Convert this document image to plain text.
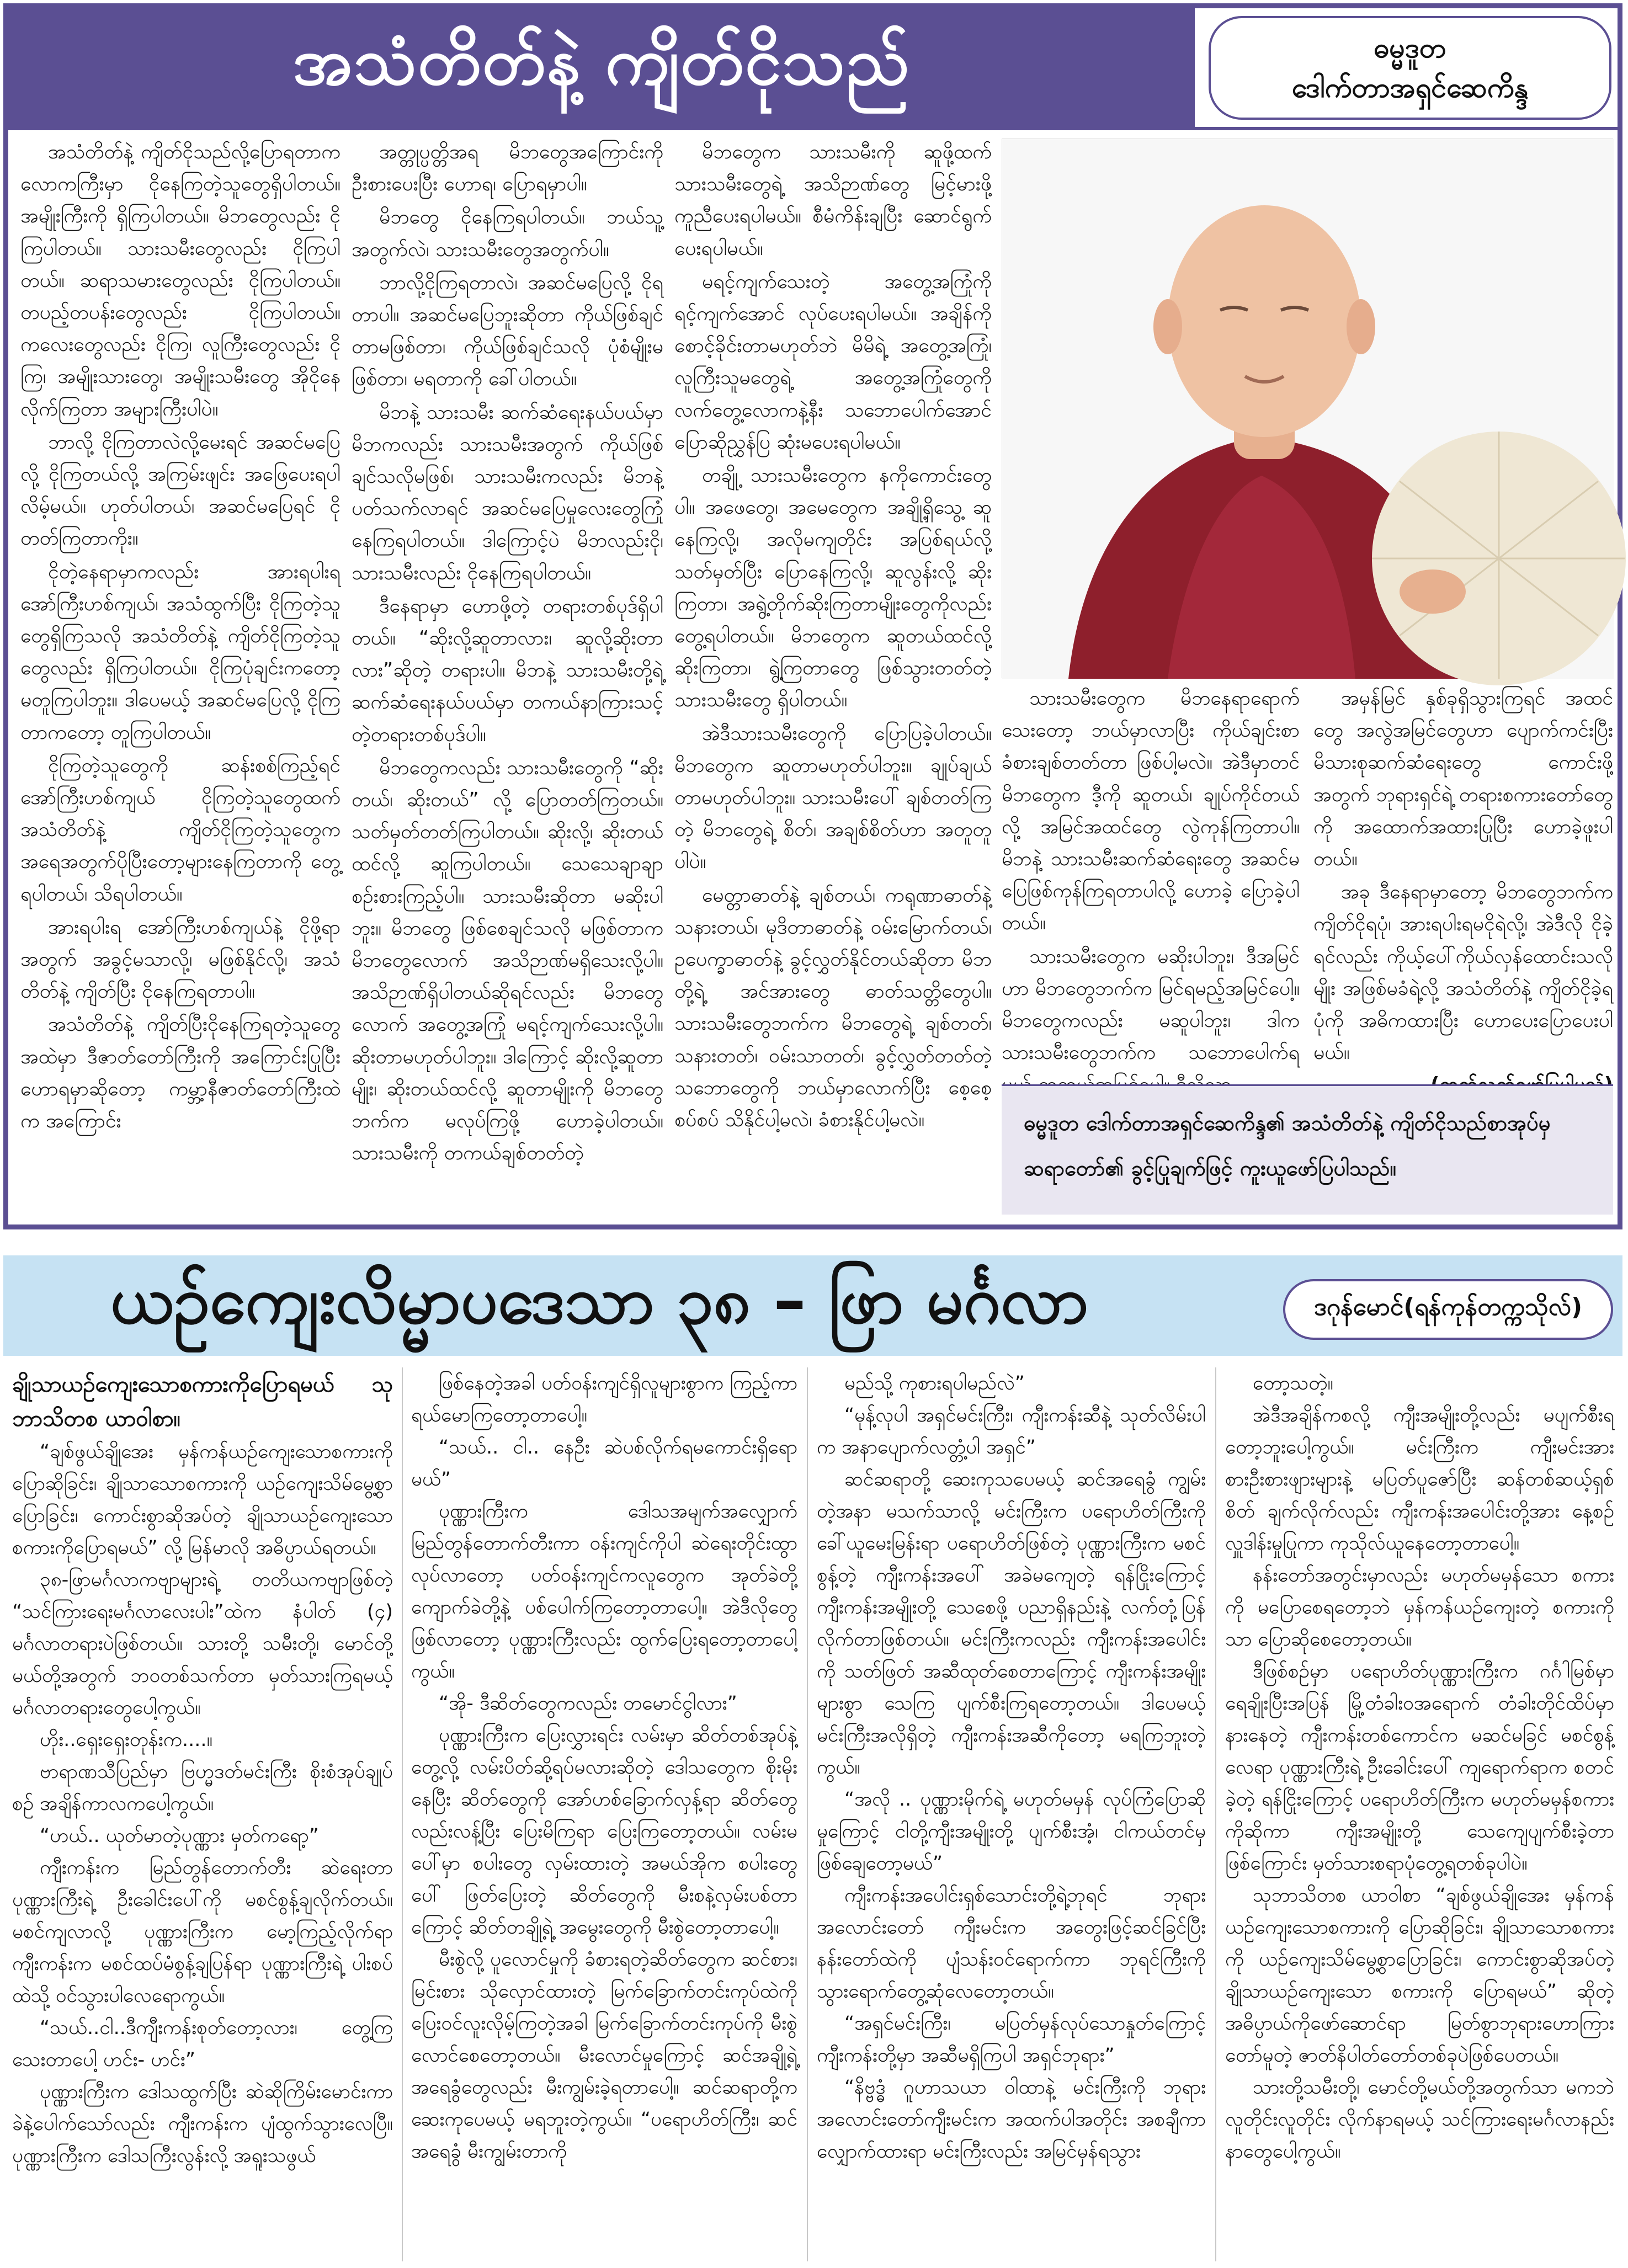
အသံတိတ်နဲ့ ကျိတ်ငိုသည်	ဓမ္မဒူတ
ဒေါက်တာအရှင်ဆေကိန္ဒ

အသံတိတ်နဲ့ ကျိတ်ငိုသည်လို့ပြောရတာက လောကကြီးမှာ ငိုနေကြတဲ့သူတွေရှိပါတယ်။ အမျိုးကြီးကို ရှိကြပါတယ်။ မိဘတွေလည်း ငိုကြပါတယ်။ သားသမီးတွေလည်း ငိုကြပါတယ်။ ဆရာသမားတွေလည်း ငိုကြပါတယ်။ တပည့်တပန်းတွေလည်း ငိုကြပါတယ်။ ကလေးတွေလည်း ငိုကြ၊ လူကြီးတွေလည်း ငိုကြ၊ အမျိုးသားတွေ၊ အမျိုးသမီးတွေ အိုငိုနေလိုက်ကြတာ အများကြီးပါပဲ။

ဘာလို့ ငိုကြတာလဲလို့မေးရင် အဆင်မပြေလို့ ငိုကြတယ်လို့ အကြမ်းဖျင်း အဖြေပေးရပါလိမ့်မယ်။ ဟုတ်ပါတယ်၊ အဆင်မပြေရင် ငိုတတ်ကြတာကိုး။

ငိုတဲ့နေရာမှာကလည်း အားရပါးရ အော်ကြီးဟစ်ကျယ်၊ အသံထွက်ပြီး ငိုကြတဲ့သူတွေရှိကြသလို အသံတိတ်နဲ့ ကျိတ်ငိုကြတဲ့သူတွေလည်း ရှိကြပါတယ်။ ငိုကြပုံချင်းကတော့ မတူကြပါဘူး။ ဒါပေမယ့် အဆင်မပြေလို့ ငိုကြတာကတော့ တူကြပါတယ်။

ငိုကြတဲ့သူတွေကို ဆန်းစစ်ကြည့်ရင် အော်ကြီးဟစ်ကျယ် ငိုကြတဲ့သူတွေထက် အသံတိတ်နဲ့ ကျိတ်ငိုကြတဲ့သူတွေက အရေအတွက်ပိုပြီးတော့များနေကြတာကို တွေ့ရပါတယ်၊ သိရပါတယ်။

အားရပါးရ အော်ကြီးဟစ်ကျယ်နဲ့ ငိုဖို့ရာအတွက် အခွင့်မသာလို့၊ မဖြစ်နိုင်လို့၊ အသံတိတ်နဲ့ ကျိတ်ပြီး ငိုနေကြရတာပါ။

အသံတိတ်နဲ့ ကျိတ်ပြီးငိုနေကြရတဲ့သူတွေအထဲမှာ ဒီဇာတ်တော်ကြီးကို အကြောင်းပြုပြီး ဟောရမှာဆိုတော့ ကမ္ဘာ့နီဇာတ်တော်ကြီးထဲက အကြောင်း

အတ္တုပ္ပတ္တိအရ မိဘတွေအကြောင်းကို ဦးစားပေးပြီး ဟောရ၊ ပြောရမှာပါ။

မိဘတွေ ငိုနေကြရပါတယ်။ ဘယ်သူ့အတွက်လဲ၊ သားသမီးတွေအတွက်ပါ။

ဘာလို့ငိုကြရတာလဲ၊ အဆင်မပြေလို့ ငိုရတာပါ။ အဆင်မပြေဘူးဆိုတာ ကိုယ်ဖြစ်ချင်တာမဖြစ်တာ၊ ကိုယ်ဖြစ်ချင်သလို ပုံစံမျိုးမဖြစ်တာ၊ မရတာကို ခေါ်ပါတယ်။

မိဘနဲ့ သားသမီး ဆက်ဆံရေးနယ်ပယ်မှာ မိဘကလည်း သားသမီးအတွက် ကိုယ်ဖြစ်ချင်သလိုမဖြစ်၊ သားသမီးကလည်း မိဘနဲ့ပတ်သက်လာရင် အဆင်မပြေမှုလေးတွေကြုံနေကြရပါတယ်။ ဒါကြောင့်ပဲ မိဘလည်းငို၊ သားသမီးလည်း ငိုနေကြရပါတယ်။

ဒီနေရာမှာ ဟောဖို့တဲ့ တရားတစ်ပုဒ်ရှိပါတယ်။ “ဆိုးလို့ဆူတာလား၊ ဆူလို့ဆိုးတာလား”ဆိုတဲ့ တရားပါ။ မိဘနဲ့ သားသမီးတို့ရဲ့ ဆက်ဆံရေးနယ်ပယ်မှာ တကယ်နာကြားသင့်တဲ့တရားတစ်ပုဒ်ပါ။

မိဘတွေကလည်း သားသမီးတွေကို “ဆိုးတယ်၊ ဆိုးတယ်” လို့ ပြောတတ်ကြတယ်။ သတ်မှတ်တတ်ကြပါတယ်။ ဆိုးလို့၊ ဆိုးတယ်ထင်လို့ ဆူကြပါတယ်။ သေသေချာချာ စဉ်းစားကြည့်ပါ။ သားသမီးဆိုတာ မဆိုးပါဘူး။ မိဘတွေ ဖြစ်စေချင်သလို မဖြစ်တာက မိဘတွေလောက် အသိဉာဏ်မရှိသေးလို့ပါ။ အသိဉာဏ်ရှိပါတယ်ဆိုရင်လည်း မိဘတွေလောက် အတွေ့အကြုံ မရင့်ကျက်သေးလို့ပါ။ ဆိုးတာမဟုတ်ပါဘူး။ ဒါကြောင့် ဆိုးလို့ဆူတာမျိုး၊ ဆိုးတယ်ထင်လို့ ဆူတာမျိုးကို မိဘတွေဘက်က မလုပ်ကြဖို့ ဟောခဲ့ပါတယ်။ သားသမီးကို တကယ်ချစ်တတ်တဲ့

မိဘတွေက သားသမီးကို ဆူဖို့ထက် သားသမီးတွေရဲ့ အသိဉာဏ်တွေ မြင့်မားဖို့ကူညီပေးရပါမယ်။ စီမံကိန်းချပြီး ဆောင်ရွက်ပေးရပါမယ်။

မရင့်ကျက်သေးတဲ့ အတွေ့အကြုံကို ရင့်ကျက်အောင် လုပ်ပေးရပါမယ်။ အချိန်ကို စောင့်ခိုင်းတာမဟုတ်ဘဲ မိမိရဲ့ အတွေ့အကြုံ၊ လူကြီးသူမတွေရဲ့ အတွေ့အကြုံတွေကို လက်တွေ့လောကနဲ့နီး သဘောပေါက်အောင် ပြောဆိုညွှန်ပြ ဆုံးမပေးရပါမယ်။

တချို့ သားသမီးတွေက နကိုကောင်းတွေပါ။ အဖေတွေ၊ အမေတွေက အချို့ရှိသွေ့ ဆူနေကြလို့၊ အလိုမကျတိုင်း အပြစ်ရယ်လို့ သတ်မှတ်ပြီး ပြောနေကြလို့၊ ဆူလွန်းလို့ ဆိုးကြတာ၊ အရွဲ့တိုက်ဆိုးကြတာမျိုးတွေကိုလည်း တွေ့ရပါတယ်။ မိဘတွေက ဆူတယ်ထင်လို့ဆိုးကြတာ၊ ရွဲ့ကြတာတွေ ဖြစ်သွားတတ်တဲ့ သားသမီးတွေ ရှိပါတယ်။

အဲဒီသားသမီးတွေကို ပြောပြခဲ့ပါတယ်။ မိဘတွေက ဆူတာမဟုတ်ပါဘူး။ ချုပ်ချယ်တာမဟုတ်ပါဘူး။ သားသမီးပေါ် ချစ်တတ်ကြတဲ့ မိဘတွေရဲ့ စိတ်၊ အချစ်စိတ်ဟာ အတူတူပါပဲ။

မေတ္တာဓာတ်နဲ့ ချစ်တယ်၊ ကရုဏာဓာတ်နဲ့ သနားတယ်၊ မုဒိတာဓာတ်နဲ့ ဝမ်းမြောက်တယ်၊ ဥပေက္ခာဓာတ်နဲ့ ခွင့်လွှတ်နိုင်တယ်ဆိုတာ မိဘတို့ရဲ့ အင်အားတွေ ဓာတ်သတ္တိတွေပါ။ သားသမီးတွေဘက်က မိဘတွေရဲ့ ချစ်တတ်၊ သနားတတ်၊ ဝမ်းသာတတ်၊ ခွင့်လွှတ်တတ်တဲ့ သဘောတွေကို ဘယ်မှာလောက်ပြီး စေ့စေ့စပ်စပ် သိနိုင်ပါ့မလဲ၊ ခံစားနိုင်ပါ့မလဲ။

သားသမီးတွေက မိဘနေရာရောက်သေးတော့ ဘယ်မှာလာပြီး ကိုယ်ချင်းစာခံစားချစ်တတ်တာ ဖြစ်ပါ့မလဲ။ အဲဒီမှာတင် မိဘတွေက ဒီ့ကို ဆူတယ်၊ ချုပ်ကိုင်တယ်လို့ အမြင်အထင်တွေ လွဲကုန်ကြတာပါ။ မိဘနဲ့ သားသမီးဆက်ဆံရေးတွေ အဆင်မပြေဖြစ်ကုန်ကြရတာပါလို့ ဟောခဲ့ ပြောခဲ့ပါတယ်။

သားသမီးတွေက မဆိုးပါဘူး၊ ဒီအမြင်ဟာ မိဘတွေဘက်က မြင်ရမည့်အမြင်ပေါ့။ မိဘတွေကလည်း မဆူပါဘူး၊ ဒါက သားသမီးတွေဘက်က သဘောပေါက်ရ

အမှန်မြင် နှစ်ခုရှိသွားကြရင် အထင်တွေ အလွဲအမြင်တွေဟာ ပျောက်ကင်းပြီး မိသားစုဆက်ဆံရေးတွေ ကောင်းဖို့ အတွက် ဘုရားရှင်ရဲ့ တရားစကားတော်တွေကို အထောက်အထားပြုပြီး ဟောခဲ့ဖူးပါတယ်။

အခု ဒီနေရာမှာတော့ မိဘတွေဘက်က ကျိတ်ငိုရပုံ၊ အားရပါးရမငိုရဲလို့၊ အဲဒီလို ငိုခဲ့ရင်လည်း ကိုယ့်ပေါ်ကိုယ်လှန်ထောင်းသလိုမျိုး အဖြစ်မခံရဲ့လို့ အသံတိတ်နဲ့ ကျိတ်ငိုခဲ့ရပုံကို အဓိကထားပြီး ဟောပေးပြောပေးပါမယ်။

ဓမ္မဒူတ ဒေါက်တာအရှင်ဆေကိန္ဒ၏ အသံတိတ်နဲ့ ကျိတ်ငိုသည်စာအုပ်မှ ဆရာတော်၏ ခွင့်ပြုချက်ဖြင့် ကူးယူဖော်ပြပါသည်။
ယဉ်ကျေးလိမ္မာပဒေသာ ၃၈ – ဖြာ မင်္ဂလာ	ဒဂုန်မောင်(ရန်ကုန်တက္ကသိုလ်)

ချိုသာယဉ်ကျေးသောစကားကိုပြောရမယ် သုဘာသိတစ ယာဝါစာ။

“ချစ်ဖွယ်ချိုအေး မှန်ကန်ယဉ်ကျေးသောစကားကိုပြောဆိုခြင်း၊ ချိုသာသောစကားကို ယဉ်ကျေးသိမ်မွေ့စွာပြောခြင်း၊ ကောင်းစွာဆိုအပ်တဲ့ ချိုသာယဉ်ကျေးသောစကားကိုပြောရမယ်” လို့ မြန်မာလို အဓိပ္ပာယ်ရတယ်။

၃၈-ဖြာမင်္ဂလာကဗျာများရဲ့ တတိယကဗျာဖြစ်တဲ့ “သင်ကြားရေးမင်္ဂလာလေးပါး”ထဲက နံပါတ် (၄) မင်္ဂလာတရားပဲဖြစ်တယ်။ သားတို့ သမီးတို့၊ မောင်တို့မယ်တို့အတွက် ဘဝတစ်သက်တာ မှတ်သားကြရမယ့် မင်္ဂလာတရားတွေပေါ့ကွယ်။

ဟိုး..ရှေးရှေးတုန်းက....။

ဗာရာဏသီပြည်မှာ ဗြဟ္မဒတ်မင်းကြီး စိုးစံအုပ်ချုပ်စဉ် အချိန်ကာလကပေါ့ကွယ်။

“ဟယ်.. ယုတ်မာတဲ့ပုဏ္ဏား မှတ်ကရော့”

ကျီးကန်းက မြည်တွန်တောက်တီး ဆဲရေးတာ ပုဏ္ဏားကြီးရဲ့ ဦးခေါင်းပေါ်ကို မစင်စွန့်ချလိုက်တယ်။ မစင်ကျလာလို့ ပုဏ္ဏားကြီးက မော့ကြည့်လိုက်ရာ ကျီးကန်းက မစင်ထပ်မံစွန့်ချပြန်ရာ ပုဏ္ဏားကြီးရဲ့ ပါးစပ်ထဲသို့ ဝင်သွားပါလေရောကွယ်။

“သယ်..ငါ..ဒီကျီးကန်းစုတ်တော့လား၊ တွေ့ကြသေးတာပေါ့ ဟင်း- ဟင်း”

ပုဏ္ဏားကြီးက ဒေါသထွက်ပြီး ဆဲဆိုကြိမ်းမောင်းကာ ခဲနဲ့ပေါက်သော်လည်း ကျီးကန်းက ပျံထွက်သွားလေပြီ။ ပုဏ္ဏားကြီးက ဒေါသကြီးလွန်းလို့ အရူးသဖွယ်

ဖြစ်နေတဲ့အခါ ပတ်ဝန်းကျင်ရှိလူများစွာက ကြည့်ကာ ရယ်မောကြတော့တာပေါ့။

“သယ်.. ငါ.. နေဦး ဆဲပစ်လိုက်ရမကောင်းရှိရောမယ်”

ပုဏ္ဏားကြီးက ဒေါသအမျက်အလျှောက် မြည်တွန်တောက်တီးကာ ဝန်းကျင်ကိုပါ ဆဲရေးတိုင်းထွာလုပ်လာတော့ ပတ်ဝန်းကျင်ကလူတွေက အုတ်ခဲတို့ ကျောက်ခဲတို့နဲ့ ပစ်ပေါက်ကြတော့တာပေါ့။ အဲဒီလိုတွေဖြစ်လာတော့ ပုဏ္ဏားကြီးလည်း ထွက်ပြေးရတော့တာပေါ့ကွယ်။

“အို- ဒီဆိတ်တွေကလည်း တမောင်ငွါလား”

ပုဏ္ဏားကြီးက ပြေးလွှားရင်း လမ်းမှာ ဆိတ်တစ်အုပ်နဲ့တွေ့လို့ လမ်းပိတ်ဆို့ရပ်မလားဆိုတဲ့ ဒေါသတွေက စိုးမိုးနေပြီး ဆိတ်တွေကို အော်ဟစ်ခြောက်လှန့်ရာ ဆိတ်တွေလည်းလန့်ပြီး ပြေးမိကြရာ ပြေးကြတော့တယ်။ လမ်းမပေါ်မှာ စပါးတွေ လှမ်းထားတဲ့ အမယ်အိုက စပါးတွေပေါ် ဖြတ်ပြေးတဲ့ ဆိတ်တွေကို မီးစနဲ့လှမ်းပစ်တာကြောင့် ဆိတ်တချို့ရဲ့ အမွေးတွေကို မီးစွဲတော့တာပေါ့။

မီးစွဲလို့ ပူလောင်မှုကို ခံစားရတဲ့ဆိတ်တွေက ဆင်စား၊ မြင်းစား သိုလှောင်ထားတဲ့ မြက်ခြောက်တင်းကုပ်ထဲကို ပြေးဝင်လူးလိုမ့်ကြတဲ့အခါ မြက်ခြောက်တင်းကုပ်ကို မီးစွဲလောင်စေတော့တယ်။ မီးလောင်မှုကြောင့် ဆင်အချို့ရဲ့ အရေခွံတွေလည်း မီးကျွမ်းခဲ့ရတာပေါ့။ ဆင်ဆရာတို့က ဆေးကုပေမယ့် မရဘူးတဲ့ကွယ်။ “ပရောဟိတ်ကြီး၊ ဆင်အရေခွံ မီးကျွမ်းတာကို

မည်သို့ ကုစားရပါမည်လဲ”

“မုန့်လုပါ အရှင်မင်းကြီး၊ ကျီးကန်းဆီနဲ့ သုတ်လိမ်းပါက အနာပျောက်လတ္တံ့ပါ အရှင်”

ဆင်ဆရာတို့ ဆေးကုသပေမယ့် ဆင်အရေခွံ ကျွမ်းတဲ့အနာ မသက်သာလို့ မင်းကြီးက ပရောဟိတ်ကြီးကို ခေါ်ယူမေးမြန်းရာ ပရောဟိတ်ဖြစ်တဲ့ ပုဏ္ဏားကြီးက မစင်စွန့်တဲ့ ကျီးကန်းအပေါ် အခဲမကျေတဲ့ ရန်ငြိုးကြောင့် ကျီးကန်းအမျိုးတို့ သေစေဖို့ ပညာရှိနည်းနဲ့ လက်တုံ့ပြန်လိုက်တာဖြစ်တယ်။ မင်းကြီးကလည်း ကျီးကန်းအပေါင်းကို သတ်ဖြတ် အဆီထုတ်စေတာကြောင့် ကျီးကန်းအမျိုးများစွာ သေကြ ပျက်စီးကြရတော့တယ်။ ဒါပေမယ့် မင်းကြီးအလိုရှိတဲ့ ကျီးကန်းအဆီကိုတော့ မရကြဘူးတဲ့ကွယ်။

“အလို .. ပုဏ္ဏားမိုက်ရဲ့ မဟုတ်မမှန် လုပ်ကြံပြောဆိုမှုကြောင့် ငါတို့ကျီးအမျိုးတို့ ပျက်စီးအံ့၊ ငါကယ်တင်မှ ဖြစ်ချေတော့မယ်”

ကျီးကန်းအပေါင်းရှစ်သောင်းတို့ရဲ့ဘုရင် ဘုရားအလောင်းတော် ကျီးမင်းက အတွေးဖြင့်ဆင်ခြင်ပြီး နန်းတော်ထဲကို ပျံသန်းဝင်ရောက်ကာ ဘုရင်ကြီးကို သွားရောက်တွေ့ဆုံလေတော့တယ်။

“အရှင်မင်းကြီး၊ မပြတ်မှန်လုပ်သောနှုတ်ကြောင့် ကျီးကန်းတို့မှာ အဆီမရှိကြပါ အရှင်ဘုရား”

“နိဗ္ဗဒ္ဓံ ဂူဟာသယာ ဝါထာနဲ့ မင်းကြီးကို ဘုရားအလောင်းတော်ကျီးမင်းက အထက်ပါအတိုင်း အစချီကာ လျှောက်ထားရာ မင်းကြီးလည်း အမြင်မှန်ရသွား

တော့သတဲ့။

အဲဒီအချိန်ကစလို့ ကျီးအမျိုးတို့လည်း မပျက်စီးရတော့ဘူးပေါ့ကွယ်။ မင်းကြီးက ကျီးမင်းအား စားဦးစားဖျားများနဲ့ မပြတ်ပူဇော်ပြီး ဆန်တစ်ဆယ့်ရှစ်စိတ် ချက်လိုက်လည်း ကျီးကန်းအပေါင်းတို့အား နေ့စဉ် လှူဒါန်းမှုပြုကာ ကုသိုလ်ယူနေတော့တာပေါ့။

နန်းတော်အတွင်းမှာလည်း မဟုတ်မမှန်သော စကားကို မပြောစေရတော့ဘဲ မှန်ကန်ယဉ်ကျေးတဲ့ စကားကိုသာ ပြောဆိုစေတော့တယ်။

ဒီဖြစ်စဉ်မှာ ပရောဟိတ်ပုဏ္ဏားကြီးက ဂင်္ဂါမြစ်မှာ ရေချိုးပြီးအပြန် မြို့တံခါးဝအရောက် တံခါးတိုင်ထိပ်မှာ နားနေတဲ့ ကျီးကန်းတစ်ကောင်က မဆင်မခြင် မစင်စွန့်လေရာ ပုဏ္ဏားကြီးရဲ့ ဦးခေါင်းပေါ် ကျရောက်ရာက စတင်ခဲ့တဲ့ ရန်ငြိုးကြောင့် ပရောဟိတ်ကြီးက မဟုတ်မမှန်စကားကိုဆိုကာ ကျီးအမျိုးတို့ သေကျေပျက်စီးခဲ့တာဖြစ်ကြောင်း မှတ်သားစရာပုံတွေ့ရတစ်ခုပါပဲ။

သုဘာသိတစ ယာဝါစာ “ချစ်ဖွယ်ချိုအေး မှန်ကန်ယဉ်ကျေးသောစကားကို ပြောဆိုခြင်း၊ ချိုသာသောစကားကို ယဉ်ကျေးသိမ်မွေ့စွာပြောခြင်း၊ ကောင်းစွာဆိုအပ်တဲ့ ချိုသာယဉ်ကျေးသော စကားကို ပြောရမယ်” ဆိုတဲ့ အဓိပ္ပာယ်ကိုဖော်ဆောင်ရာ မြတ်စွာဘုရားဟောကြားတော်မူတဲ့ ဇာတ်နိပါတ်တော်တစ်ခုပဲဖြစ်ပေတယ်။

သားတို့သမီးတို့၊ မောင်တို့မယ်တို့အတွက်သာ မကဘဲ လူတိုင်းလူတိုင်း လိုက်နာရမယ့် သင်ကြားရေးမင်္ဂလာနည်းနာတွေပေါ့ကွယ်။
